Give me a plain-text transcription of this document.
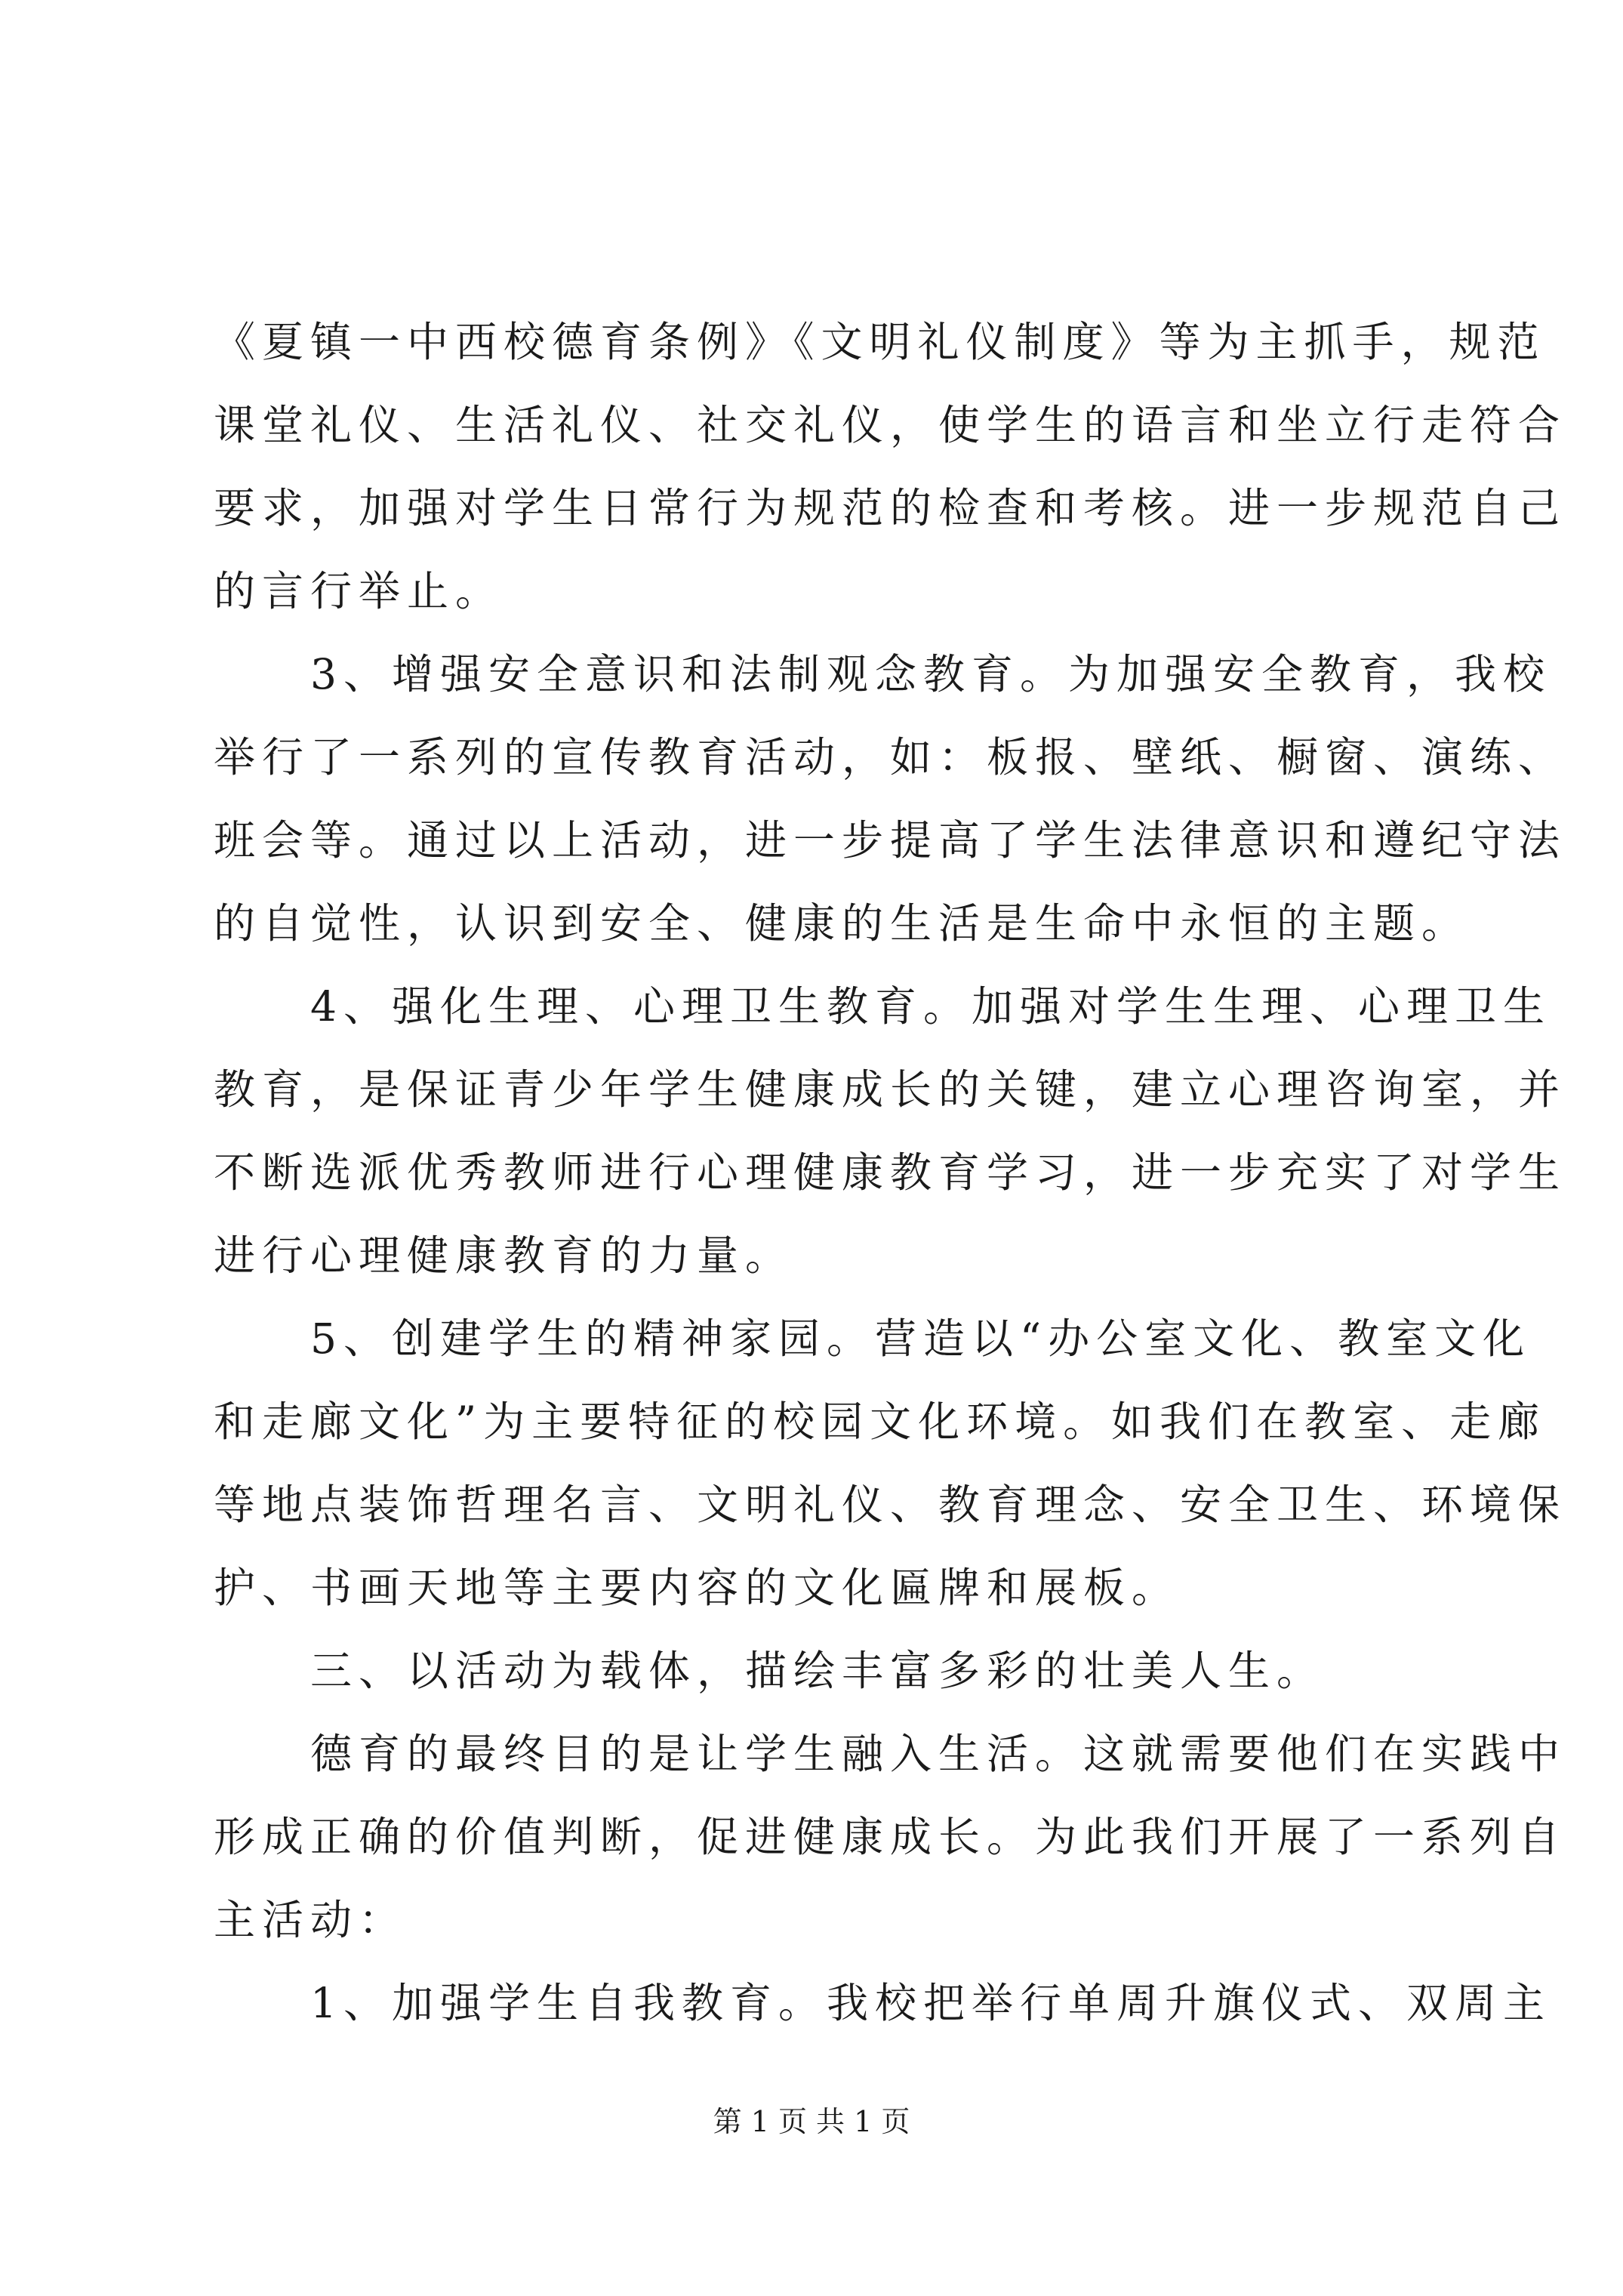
《夏镇一中西校德育条例》《文明礼仪制度》等为主抓手，规范
课堂礼仪、生活礼仪、社交礼仪，使学生的语言和坐立行走符合
要求，加强对学生日常行为规范的检查和考核。进一步规范自己
的言行举止。
　　3、增强安全意识和法制观念教育。为加强安全教育，我校
举行了一系列的宣传教育活动，如：板报、壁纸、橱窗、演练、
班会等。通过以上活动，进一步提高了学生法律意识和遵纪守法
的自觉性，认识到安全、健康的生活是生命中永恒的主题。
　　4、强化生理、心理卫生教育。加强对学生生理、心理卫生
教育，是保证青少年学生健康成长的关键，建立心理咨询室，并
不断选派优秀教师进行心理健康教育学习，进一步充实了对学生
进行心理健康教育的力量。
　　5、创建学生的精神家园。营造以“办公室文化、教室文化
和走廊文化”为主要特征的校园文化环境。如我们在教室、走廊
等地点装饰哲理名言、文明礼仪、教育理念、安全卫生、环境保
护、书画天地等主要内容的文化匾牌和展板。
　　三、以活动为载体，描绘丰富多彩的壮美人生。
　　德育的最终目的是让学生融入生活。这就需要他们在实践中
形成正确的价值判断，促进健康成长。为此我们开展了一系列自
主活动：
　　1、加强学生自我教育。我校把举行单周升旗仪式、双周主
第 1 页 共 1 页
